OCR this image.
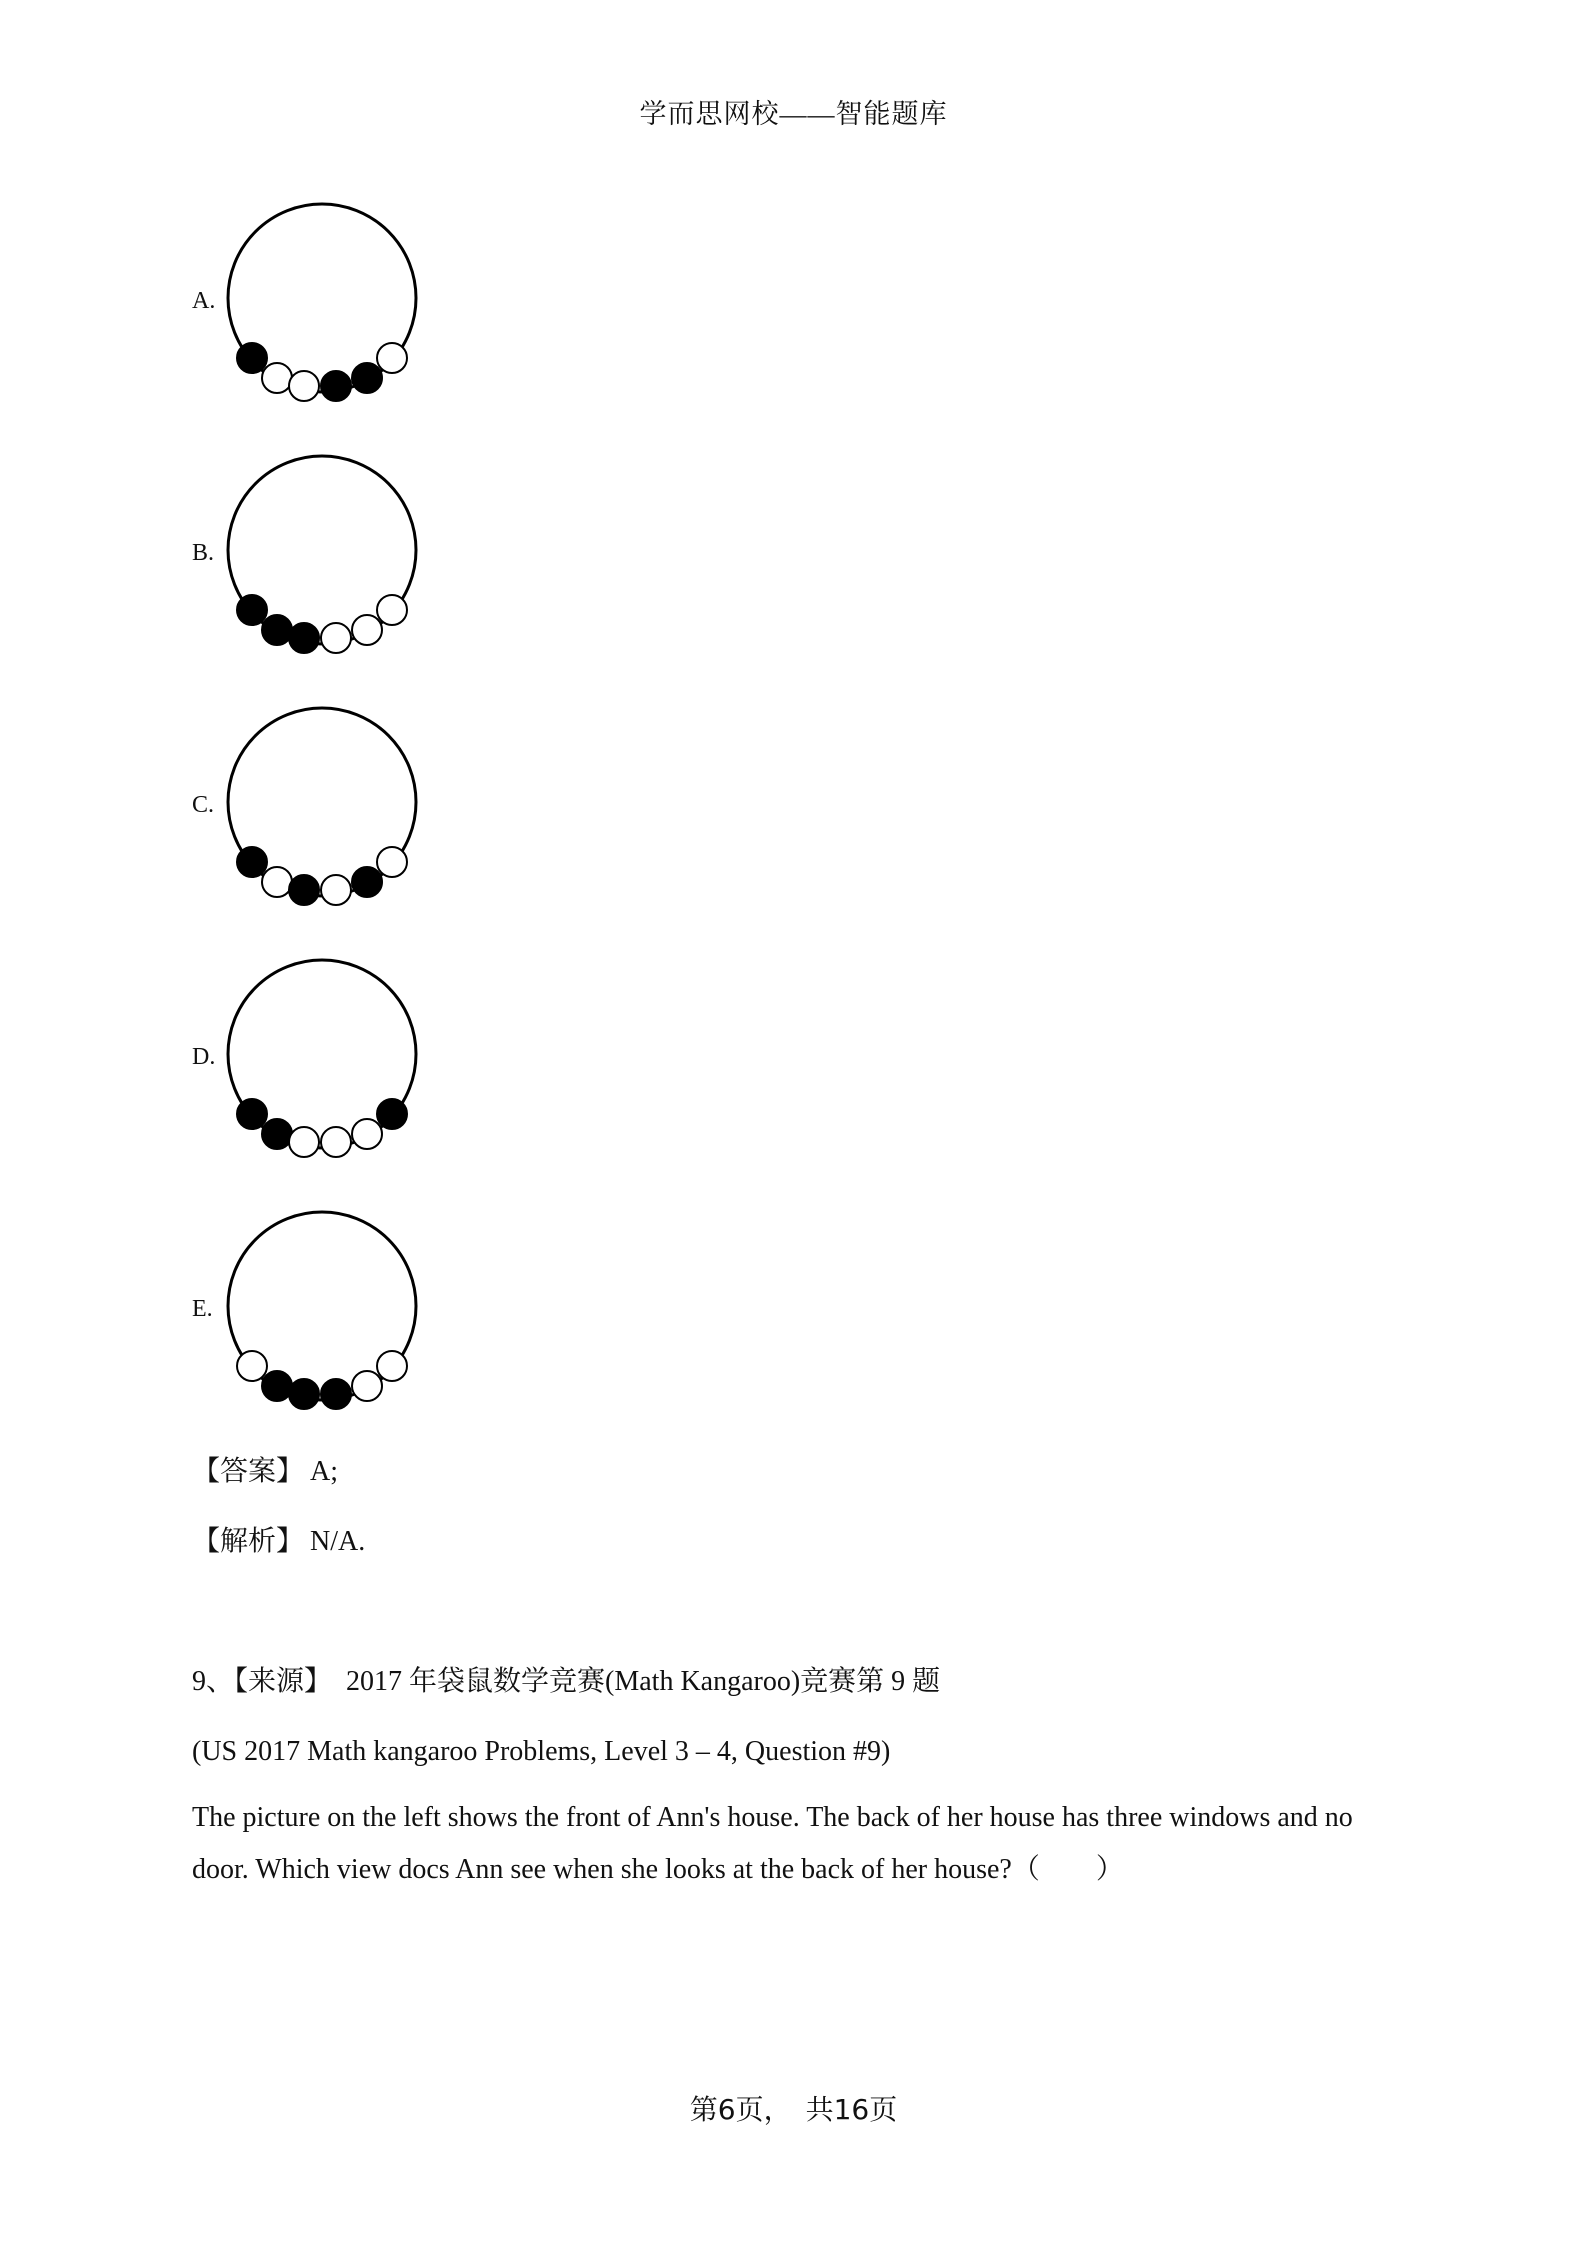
学而思网校——智能题库
A.
B.
C.
D.
E.
【答案】 A;
【解析】 N/A.
9、【来源】 2017 年袋鼠数学竞赛(Math Kangaroo)竞赛第 9 题
(US 2017 Math kangaroo Problems, Level 3 – 4, Question #9)
The picture on the left shows the front of Ann's house. The back of her house has three windows and no door. Which view docs Ann see when she looks at the back of her house?（　　）
第6页，　共16页
